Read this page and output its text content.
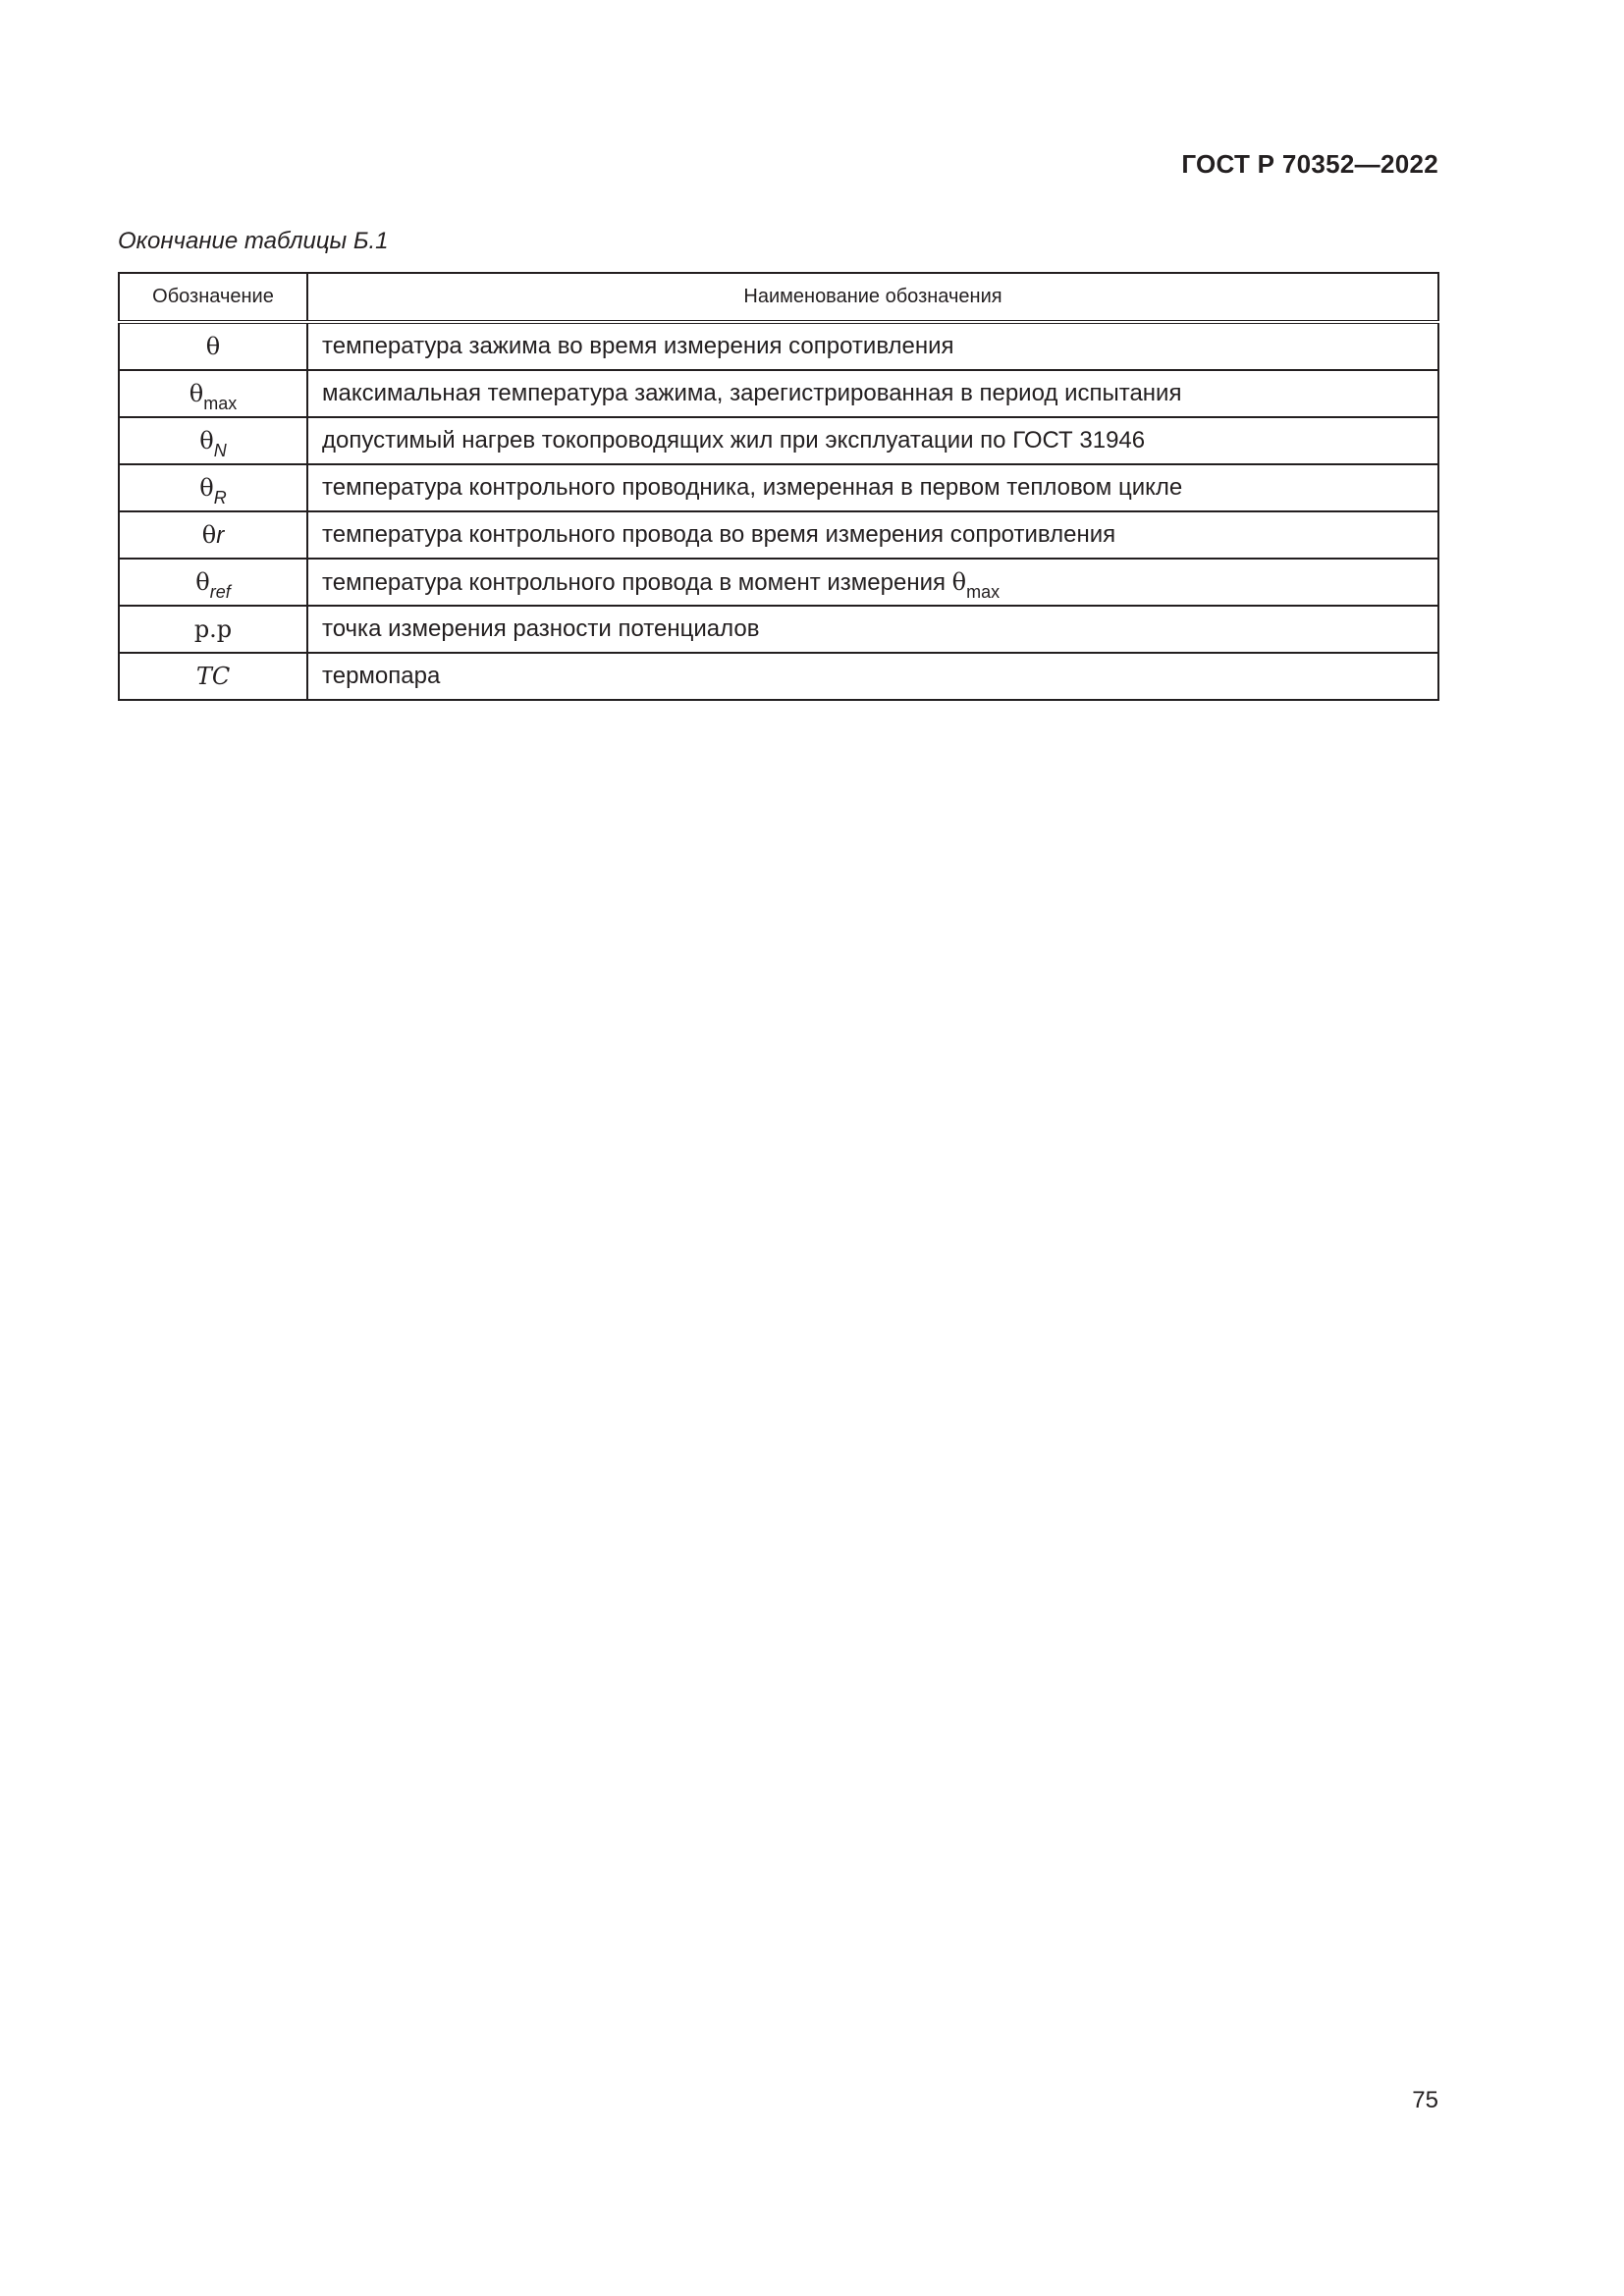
ГОСТ Р 70352—2022
Окончание таблицы Б.1
Обозначение	Наименование обозначения
θ	температура зажима во время измерения сопротивления
$\theta_{max}$	максимальная температура зажима, зарегистрированная в период испытания
$\theta_N$	допустимый нагрев токопроводящих жил при эксплуатации по ГОСТ 31946
$\theta_R$	температура контрольного проводника, измеренная в первом тепловом цикле
θr	температура контрольного провода во время измерения сопротивления
$\theta_{ref}$	температура контрольного провода в момент измерения $\theta_{max}$
p.p	точка измерения разности потенциалов
TC	термопара
75
